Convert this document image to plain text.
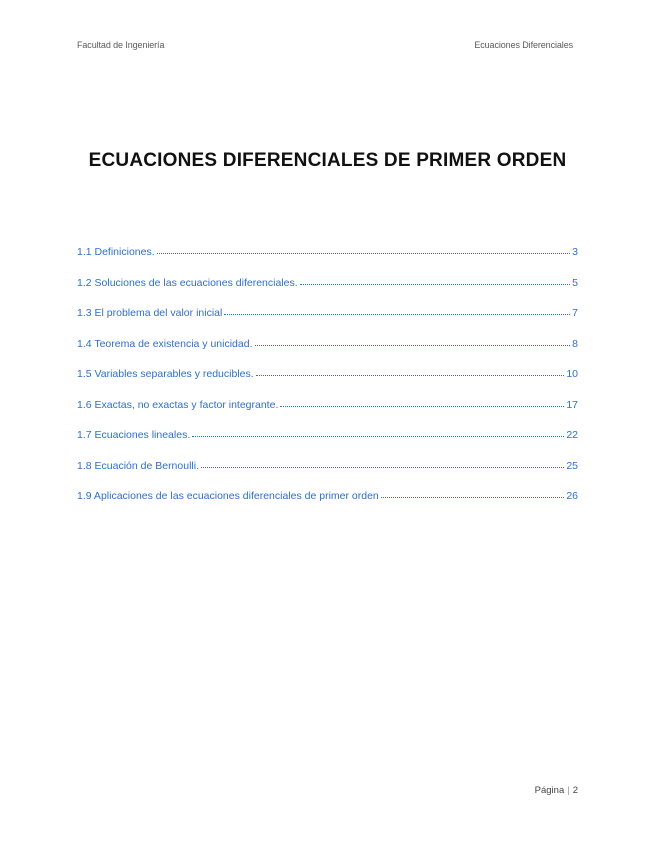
Facultad de Ingeniería	Ecuaciones Diferenciales
ECUACIONES DIFERENCIALES DE PRIMER ORDEN
1.1 Definiciones.	3
1.2 Soluciones de las ecuaciones diferenciales.	5
1.3 El problema del valor inicial	7
1.4 Teorema de existencia y unicidad.	8
1.5 Variables separables y reducibles.	10
1.6 Exactas, no exactas y factor integrante.	17
1.7 Ecuaciones lineales.	22
1.8 Ecuación de Bernoulli.	25
1.9 Aplicaciones de las ecuaciones diferenciales de primer orden	26
Página | 2
